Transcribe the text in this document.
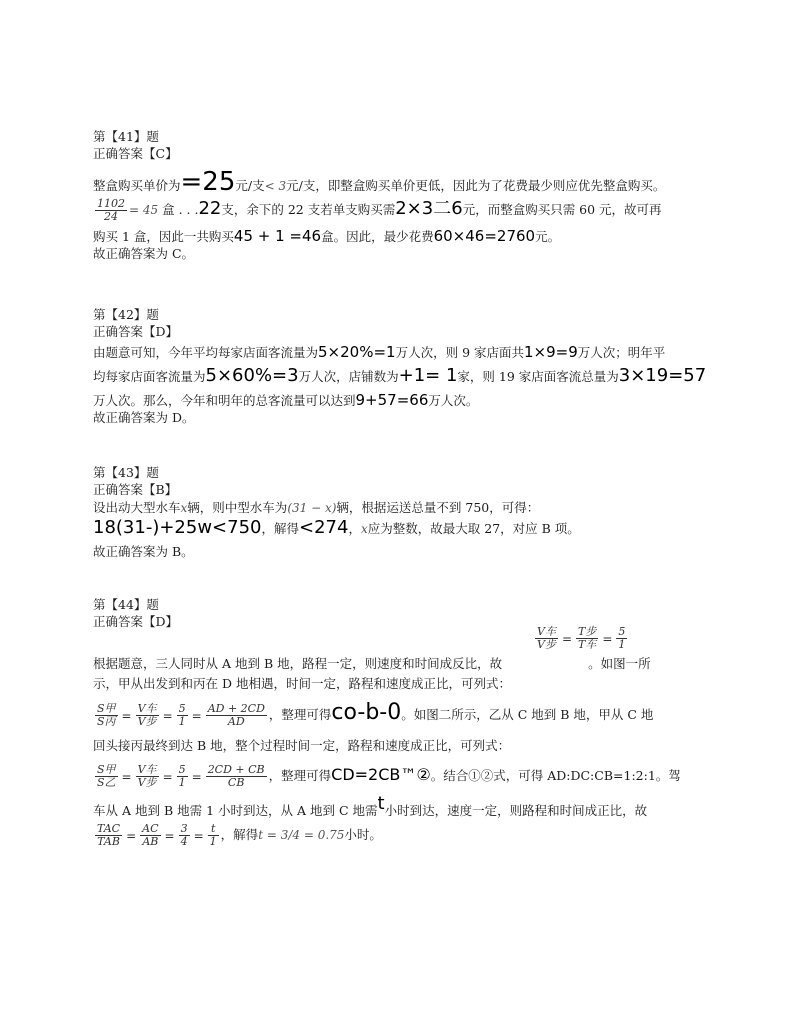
第【41】题
正确答案【C】
整盒购买单价为=25元/支< 3元/支，即整盒购买单价更低，因此为了花费最少则应优先整盒购买。
$\frac{1102}{24} = 45$ 盒 . . .22支，余下的 22 支若单支购买需2×3二6元，而整盒购买只需 60 元，故可再
购买 1 盒，因此一共购买45 + 1 =46盒。因此，最少花费60×46=2760元。
故正确答案为 C。
第【42】题
正确答案【D】
由题意可知，今年平均每家店面客流量为5×20%=1万人次，则 9 家店面共1×9=9万人次；明年平
均每家店面客流量为5×60%=3万人次，店铺数为+1= 1家，则 19 家店面客流总量为3×19=57
万人次。那么，今年和明年的总客流量可以达到9+57=66万人次。
故正确答案为 D。
第【43】题
正确答案【B】
设出动大型水车x辆，则中型水车为(31 − x)辆，根据运送总量不到 750，可得：
18(31-)+25w<750，解得<274，x应为整数，故最大取 27，对应 B 项。
故正确答案为 B。
第【44】题
正确答案【D】
$\frac{\text{V车}}{\text{V步}} = \frac{\text{T步}}{\text{T车}} = \frac{5}{1}$
根据题意，三人同时从 A 地到 B 地，路程一定，则速度和时间成反比，故	。如图一所
示，甲从出发到和丙在 D 地相遇，时间一定，路程和速度成正比，可列式：
$\frac{\text{S甲}}{\text{S丙}} = \frac{\text{V车}}{\text{V步}} = \frac{5}{1} = \frac{AD + 2CD}{AD}$ ，整理可得co-b-0。如图二所示，乙从 C 地到 B 地，甲从 C 地
回头接丙最终到达 B 地，整个过程时间一定，路程和速度成正比，可列式：
$\frac{\text{S甲}}{\text{S乙}} = \frac{\text{V车}}{\text{V步}} = \frac{5}{1} = \frac{2CD + CB}{CB}$ ，整理可得CD=2CB™②。结合①②式，可得 AD:DC:CB=1:2:1。驾
车从 A 地到 B 地需 1 小时到达，从 A 地到 C 地需t小时到达，速度一定，则路程和时间成正比，故
$\frac{\text{TAC}}{\text{TAB}} = \frac{AC}{AB} = \frac{3}{4} = \frac{t}{1}$ ，解得t = 3/4 = 0.75小时。
